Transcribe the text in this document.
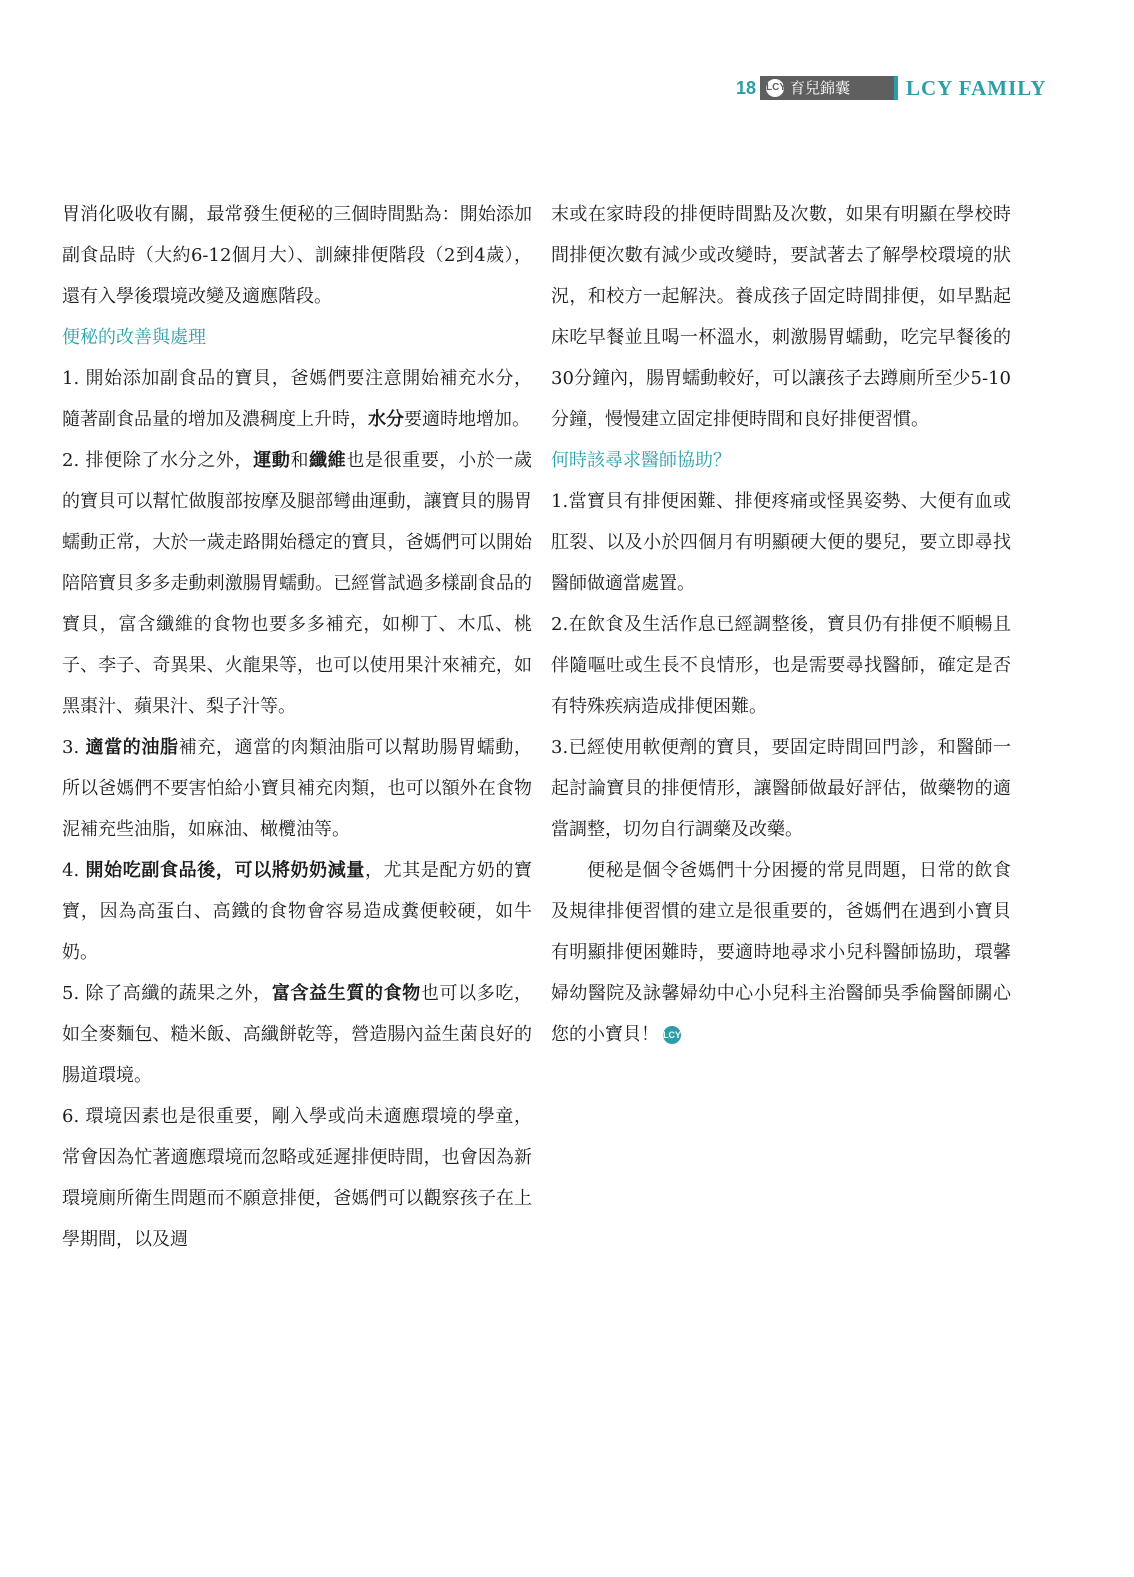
18 LCY 育兒錦囊	LCY FAMILY

胃消化吸收有關，最常發生便秘的三個時間點為：開始添加副食品時（大約6-12個月大）、訓練排便階段（2到4歲），還有入學後環境改變及適應階段。

便秘的改善與處理

1. 開始添加副食品的寶貝，爸媽們要注意開始補充水分，隨著副食品量的增加及濃稠度上升時，水分要適時地增加。

2. 排便除了水分之外，運動和纖維也是很重要，小於一歲的寶貝可以幫忙做腹部按摩及腿部彎曲運動，讓寶貝的腸胃蠕動正常，大於一歲走路開始穩定的寶貝，爸媽們可以開始陪陪寶貝多多走動刺激腸胃蠕動。已經嘗試過多樣副食品的寶貝，富含纖維的食物也要多多補充，如柳丁、木瓜、桃子、李子、奇異果、火龍果等，也可以使用果汁來補充，如黑棗汁、蘋果汁、梨子汁等。

3. 適當的油脂補充，適當的肉類油脂可以幫助腸胃蠕動，所以爸媽們不要害怕給小寶貝補充肉類，也可以額外在食物泥補充些油脂，如麻油、橄欖油等。

4. 開始吃副食品後，可以將奶奶減量，尤其是配方奶的寶寶，因為高蛋白、高鐵的食物會容易造成糞便較硬，如牛奶。

5. 除了高纖的蔬果之外，富含益生質的食物也可以多吃，如全麥麵包、糙米飯、高纖餅乾等，營造腸內益生菌良好的腸道環境。

6. 環境因素也是很重要，剛入學或尚未適應環境的學童，常會因為忙著適應環境而忽略或延遲排便時間，也會因為新環境廁所衛生問題而不願意排便，爸媽們可以觀察孩子在上學期間，以及週

末或在家時段的排便時間點及次數，如果有明顯在學校時間排便次數有減少或改變時，要試著去了解學校環境的狀況，和校方一起解決。養成孩子固定時間排便，如早點起床吃早餐並且喝一杯溫水，刺激腸胃蠕動，吃完早餐後的30分鐘內，腸胃蠕動較好，可以讓孩子去蹲廁所至少5-10分鐘，慢慢建立固定排便時間和良好排便習慣。

何時該尋求醫師協助？

1.當寶貝有排便困難、排便疼痛或怪異姿勢、大便有血或肛裂、以及小於四個月有明顯硬大便的嬰兒，要立即尋找醫師做適當處置。

2.在飲食及生活作息已經調整後，寶貝仍有排便不順暢且伴隨嘔吐或生長不良情形，也是需要尋找醫師，確定是否有特殊疾病造成排便困難。

3.已經使用軟便劑的寶貝，要固定時間回門診，和醫師一起討論寶貝的排便情形，讓醫師做最好評估，做藥物的適當調整，切勿自行調藥及改藥。

便秘是個令爸媽們十分困擾的常見問題，日常的飲食及規律排便習慣的建立是很重要的，爸媽們在遇到小寶貝有明顯排便困難時，要適時地尋求小兒科醫師協助，環馨婦幼醫院及詠馨婦幼中心小兒科主治醫師吳季倫醫師關心您的小寶貝！ LCY
